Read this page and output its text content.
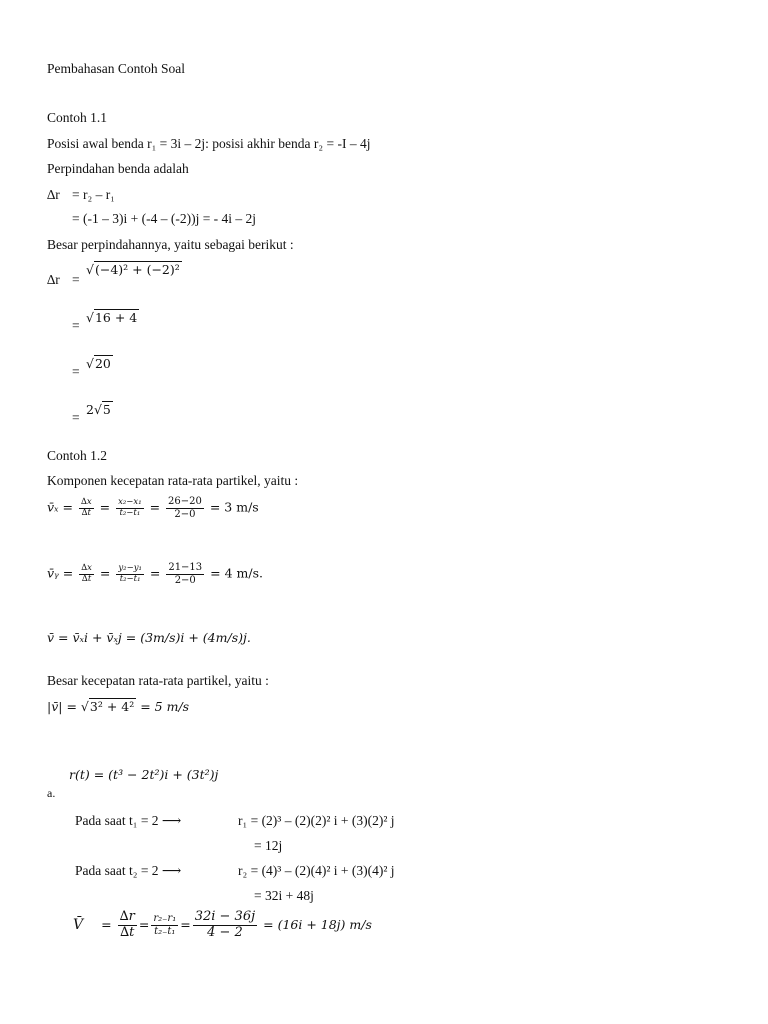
Pembahasan Contoh Soal
Contoh 1.1
Posisi awal benda r₁ = 3i – 2j: posisi akhir benda r₂ = -I – 4j
Perpindahan benda adalah
∆r = r₂ – r₁
= (-1 – 3)i + (-4 – (-2))j = - 4i – 2j
Besar perpindahannya, yaitu sebagai berikut :
∆r =
√(−4)² + (−2)²
=
√16 + 4
=
√20
=
2√5
Contoh 1.2
Komponen kecepatan rata-rata partikel, yaitu :
v̄ₓ = $\frac{\Delta x}{\Delta t} = \frac{\text{x₂−x₁}}{\text{t₂−t₁}} = \frac{26-20}{2-0} = 3$ m/s
v̄ᵧ = $\frac{\Delta x}{\Delta t} = \frac{\text{y₂−y₁}}{\text{t₂−t₁}} = \frac{21-13}{2-0} = 4$ m/s.
v̄ = v̄ₓi + v̄ₓj = (3m/s)i + (4m/s)j.
Besar kecepatan rata-rata partikel, yaitu :
|v̄| = √3² + 4² = 5 m/s
r(t) = (t³ − 2t²)i + (3t²)j
a.
Pada saat t₁ = 2 ⟶	r₁ = (2)³ – (2)(2)² i + (3)(2)² j
= 12j
Pada saat t₂ = 2 ⟶	r₂ = (4)³ – (2)(4)² i + (3)(4)² j
= 32i + 48j
V̄ = $\frac{\Delta r}{\Delta t} = \frac{\text{r₂₋r₁}}{\text{t₂₋t₁}} = \frac{32i - 36j}{4 - 2} = (16i + 18j)$ m/s
